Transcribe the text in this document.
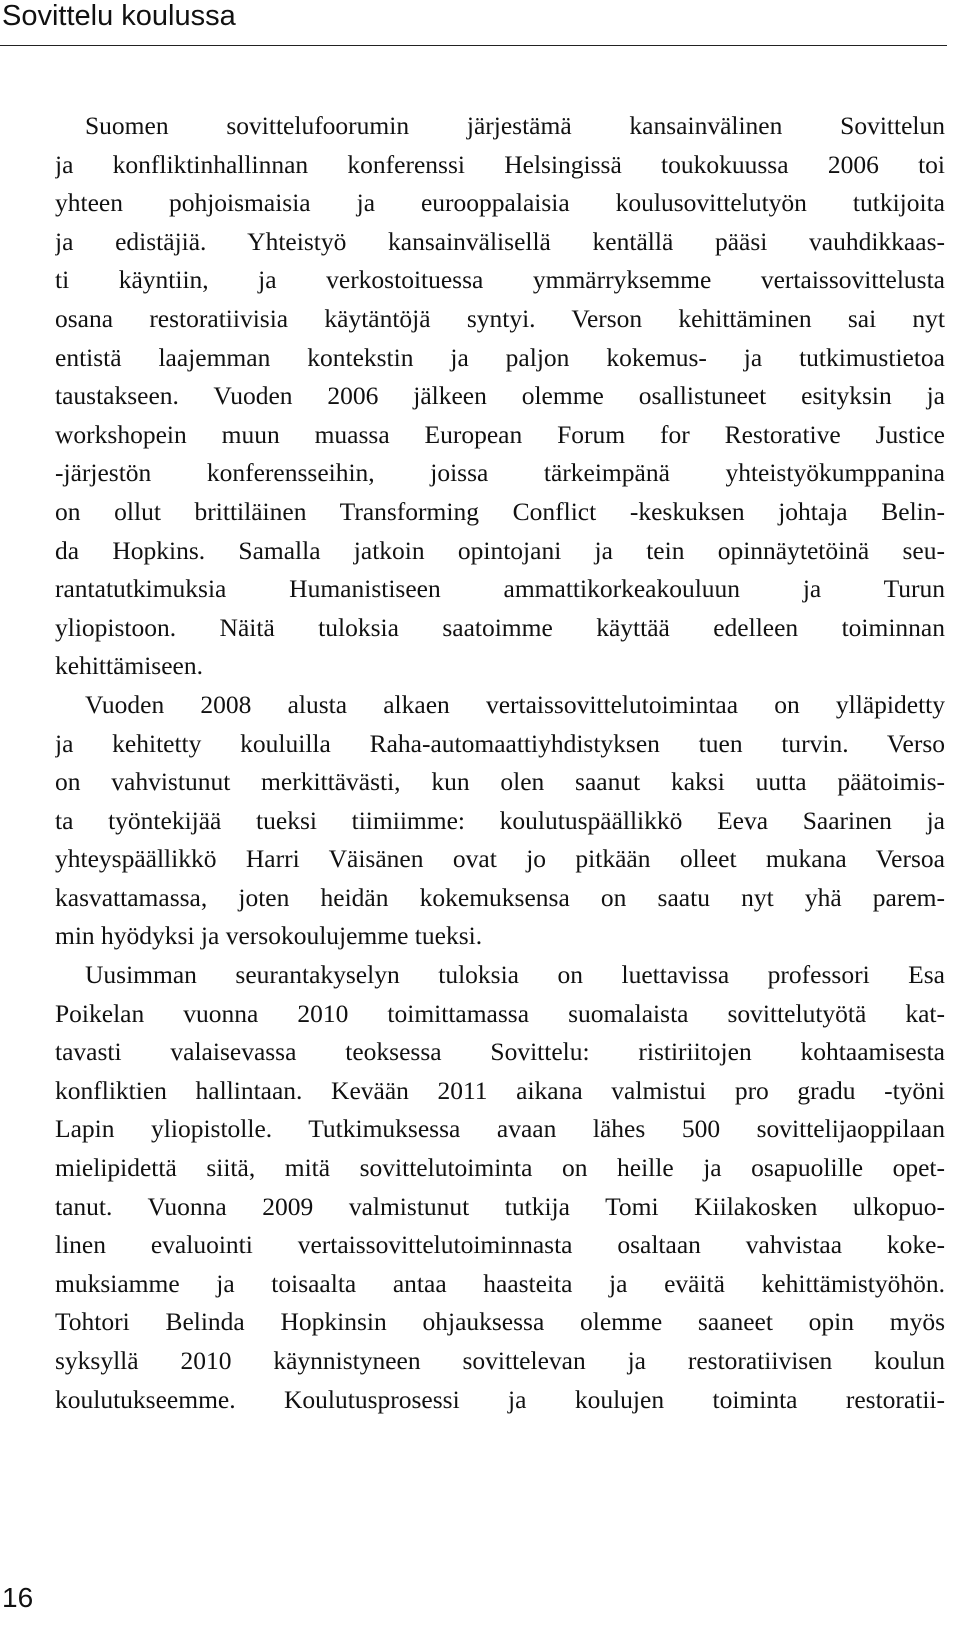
Sovittelu koulussa
Suomen sovittelufoorumin järjestämä kansainvälinen Sovittelun
ja konfliktinhallinnan konferenssi Helsingissä toukokuussa 2006 toi
yhteen pohjoismaisia ja eurooppalaisia koulusovittelutyön tutkijoita
ja edistäjiä. Yhteistyö kansainvälisellä kentällä pääsi vauhdikkaas-
ti käyntiin, ja verkostoituessa ymmärryksemme vertaissovittelusta
osana restoratiivisia käytäntöjä syntyi. Verson kehittäminen sai nyt
entistä laajemman kontekstin ja paljon kokemus- ja tutkimustietoa
taustakseen. Vuoden 2006 jälkeen olemme osallistuneet esityksin ja
workshopein muun muassa European Forum for Restorative Justice
-järjestön konferensseihin, joissa tärkeimpänä yhteistyökumppanina
on ollut brittiläinen Transforming Conflict -keskuksen johtaja Belin-
da Hopkins. Samalla jatkoin opintojani ja tein opinnäytetöinä seu-
rantatutkimuksia Humanistiseen ammattikorkeakouluun ja Turun
yliopistoon. Näitä tuloksia saatoimme käyttää edelleen toiminnan
kehittämiseen.
Vuoden 2008 alusta alkaen vertaissovittelutoimintaa on ylläpidetty
ja kehitetty kouluilla Raha-automaattiyhdistyksen tuen turvin. Verso
on vahvistunut merkittävästi, kun olen saanut kaksi uutta päätoimis-
ta työntekijää tueksi tiimiimme: koulutuspäällikkö Eeva Saarinen ja
yhteyspäällikkö Harri Väisänen ovat jo pitkään olleet mukana Versoa
kasvattamassa, joten heidän kokemuksensa on saatu nyt yhä parem-
min hyödyksi ja versokoulujemme tueksi.
Uusimman seurantakyselyn tuloksia on luettavissa professori Esa
Poikelan vuonna 2010 toimittamassa suomalaista sovittelutyötä kat-
tavasti valaisevassa teoksessa Sovittelu: ristiriitojen kohtaamisesta
konfliktien hallintaan. Kevään 2011 aikana valmistui pro gradu -työni
Lapin yliopistolle. Tutkimuksessa avaan lähes 500 sovittelijaoppilaan
mielipidettä siitä, mitä sovittelutoiminta on heille ja osapuolille opet-
tanut. Vuonna 2009 valmistunut tutkija Tomi Kiilakosken ulkopuo-
linen evaluointi vertaissovittelutoiminnasta osaltaan vahvistaa koke-
muksiamme ja toisaalta antaa haasteita ja eväitä kehittämistyöhön.
Tohtori Belinda Hopkinsin ohjauksessa olemme saaneet opin myös
syksyllä 2010 käynnistyneen sovittelevan ja restoratiivisen koulun
koulutukseemme. Koulutusprosessi ja koulujen toiminta restoratii-
16
